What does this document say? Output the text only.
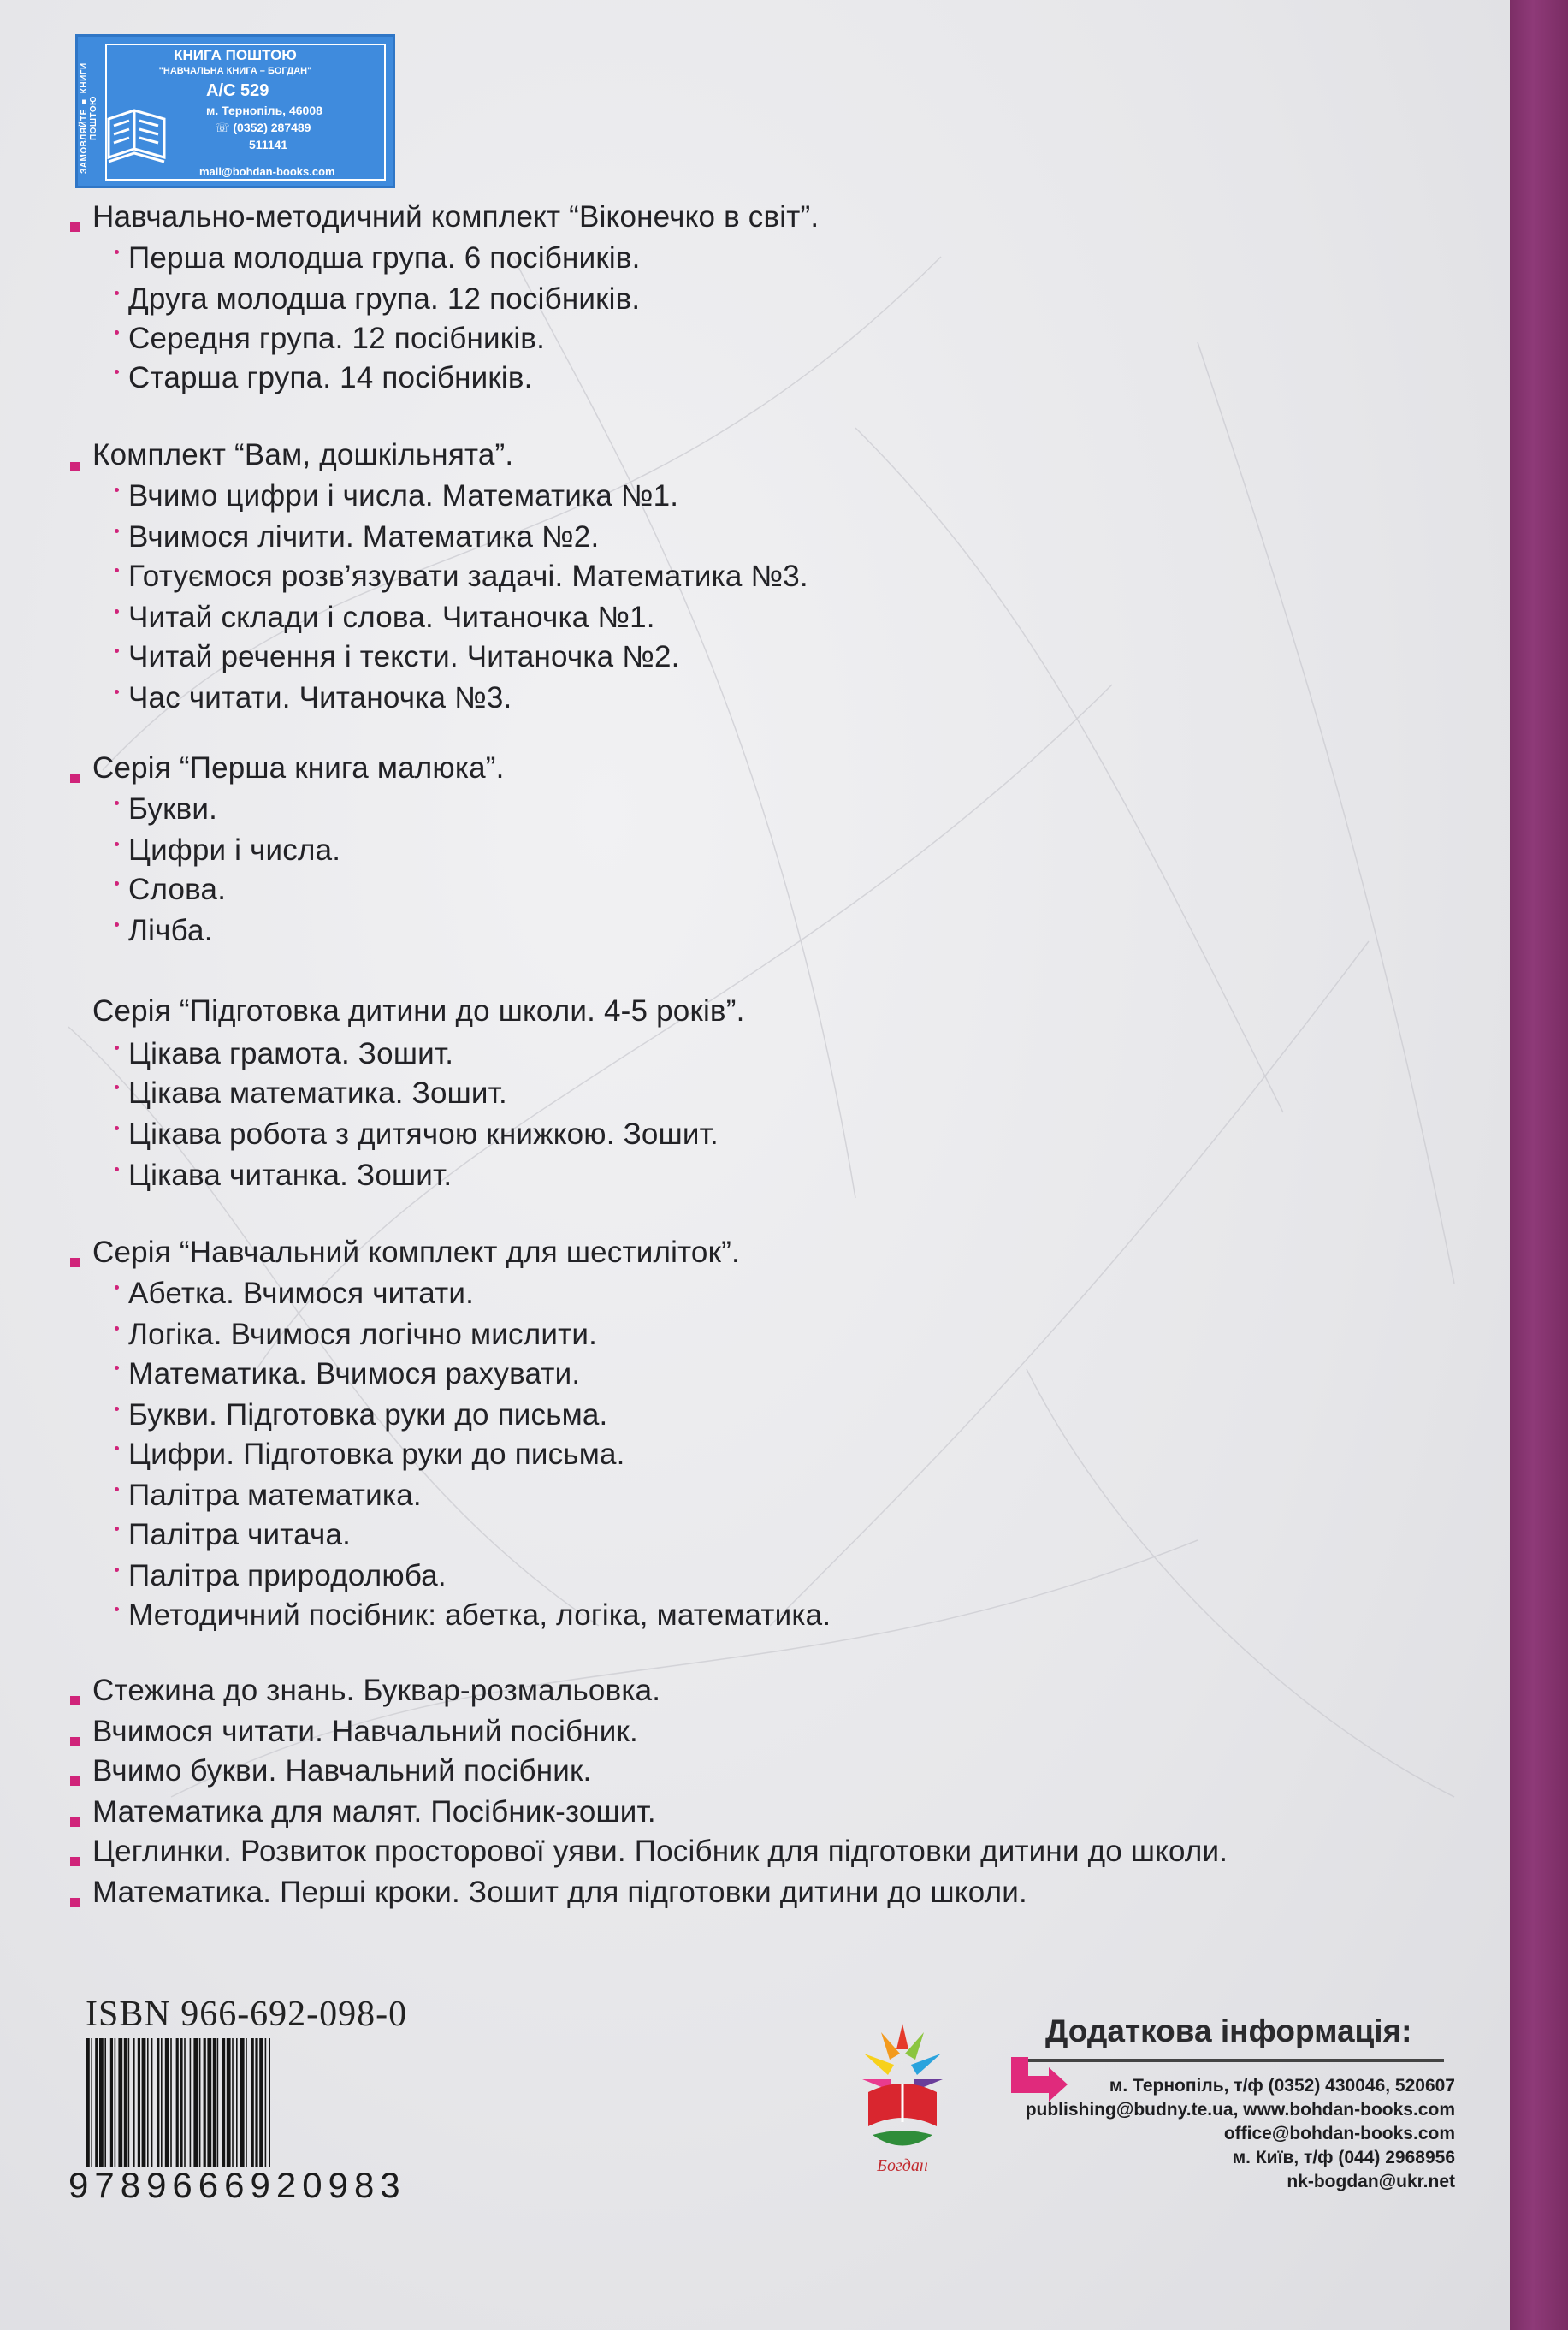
ЗАМОВЛЯЙТЕ ■ КНИГИ ПОШТОЮ
КНИГА ПОШТОЮ
"НАВЧАЛЬНА КНИГА – БОГДАН"
А/С 529
м. Тернопіль, 46008
☏ (0352) 287489
511141
mail@bohdan-books.com
Навчально-методичний комплект “Віконечко в світ”.
Перша молодша група. 6 посібників.
Друга молодша група. 12 посібників.
Середня група. 12 посібників.
Старша група. 14 посібників.
Комплект “Вам, дошкільнята”.
Вчимо цифри і числа. Математика №1.
Вчимося лічити. Математика №2.
Готуємося розв’язувати задачі. Математика №3.
Читай склади і слова. Читаночка №1.
Читай речення і тексти. Читаночка №2.
Час читати. Читаночка №3.
Серія “Перша книга малюка”.
Букви.
Цифри і числа.
Слова.
Лічба.
Серія “Підготовка дитини до школи. 4-5 років”.
Цікава грамота. Зошит.
Цікава математика. Зошит.
Цікава робота з дитячою книжкою. Зошит.
Цікава читанка. Зошит.
Серія “Навчальний комплект для шестиліток”.
Абетка. Вчимося читати.
Логіка. Вчимося логічно мислити.
Математика. Вчимося рахувати.
Букви. Підготовка руки до письма.
Цифри. Підготовка руки до письма.
Палітра математика.
Палітра читача.
Палітра природолюба.
Методичний посібник: абетка, логіка, математика.
Стежина до знань. Буквар-розмальовка.
Вчимося читати. Навчальний посібник.
Вчимо букви. Навчальний посібник.
Математика для малят. Посібник-зошит.
Цеглинки. Розвиток просторової уяви. Посібник для підготовки дитини до школи.
Математика. Перші кроки. Зошит для підготовки дитини до школи.
ISBN 966-692-098-0
9789666920983	Богдан
Додаткова інформація:
м. Тернопіль, т/ф (0352) 430046, 520607
publishing@budny.te.ua, www.bohdan-books.com
office@bohdan-books.com
м. Київ, т/ф (044) 2968956
nk-bogdan@ukr.net
